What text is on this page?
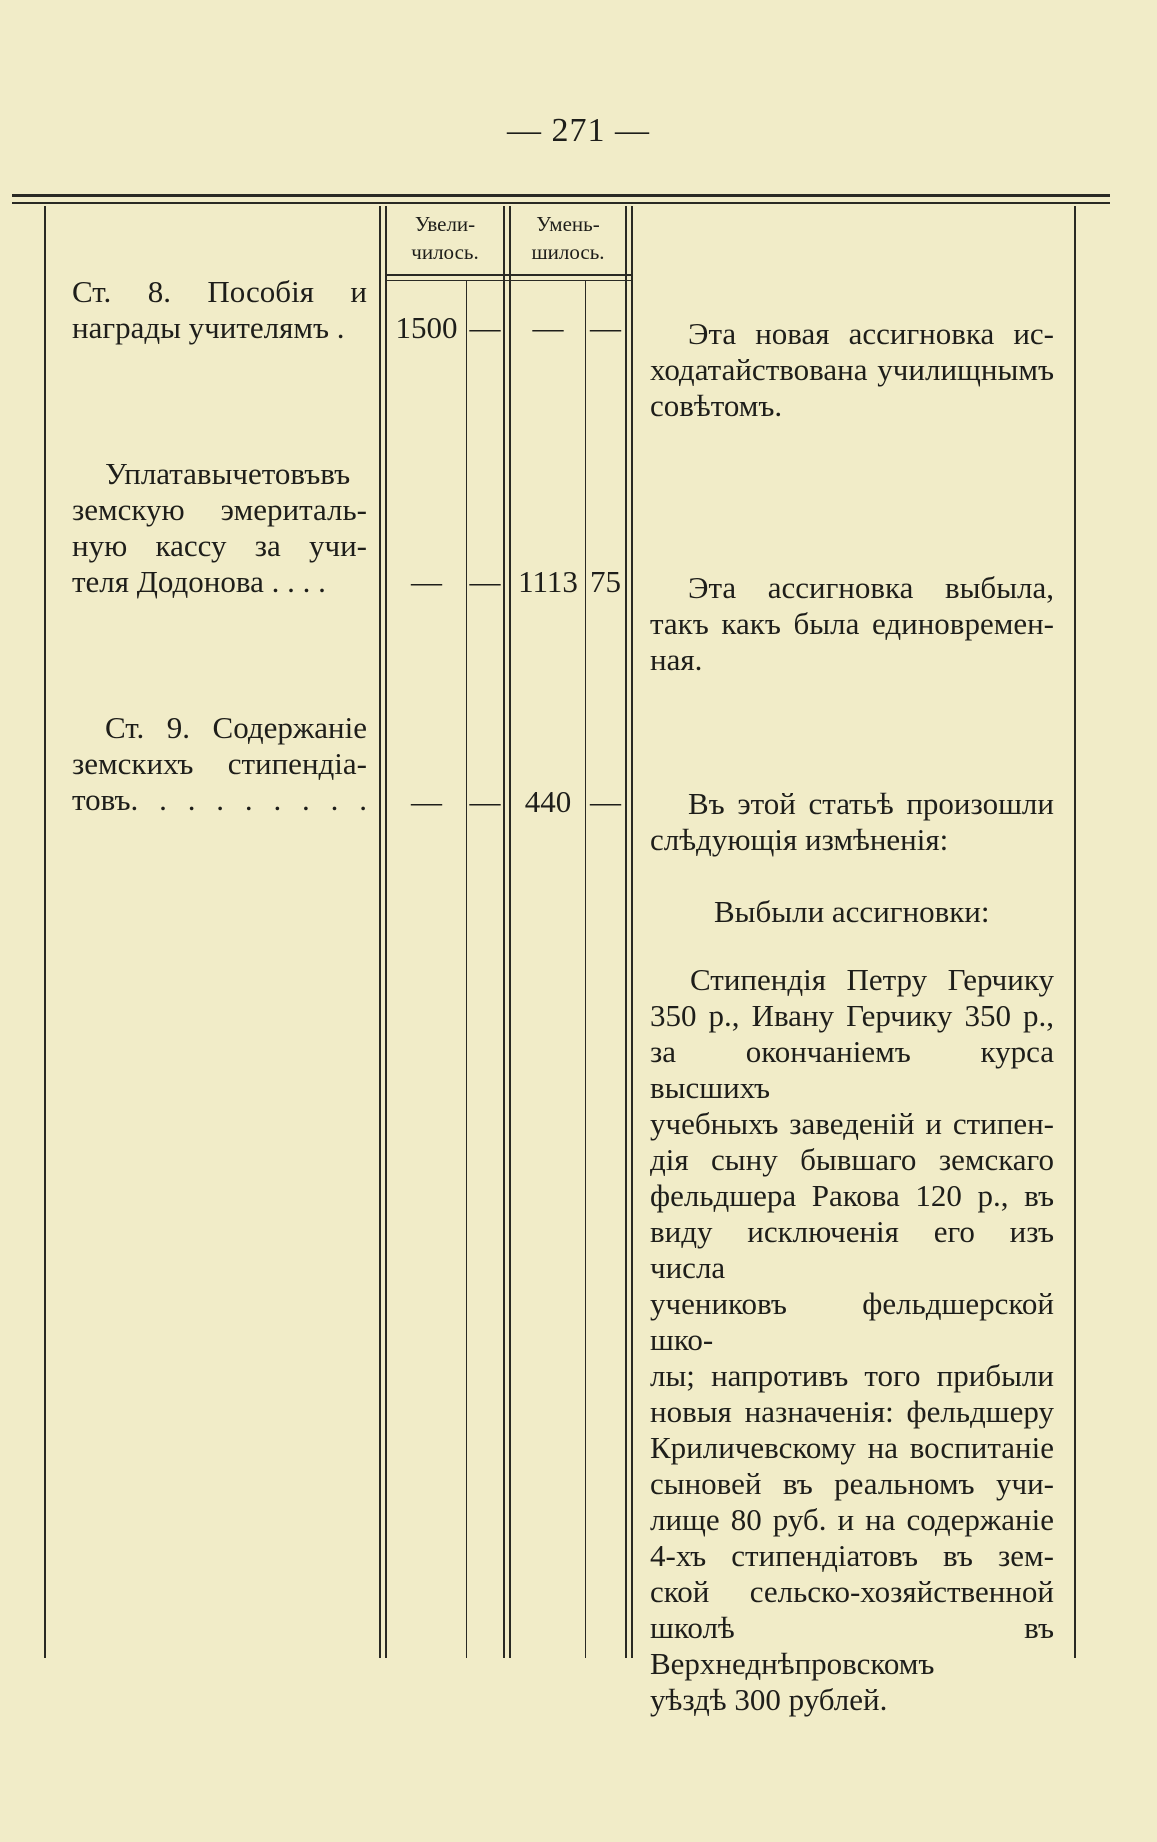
— 271 —
Увели-
чилось.
Умень-
шилось.
Ст. 8. Пособія и
награды учителямъ .	1500 —	— —	Эта новая ассигновка ис-
ходатайствована училищнымъ
совѣтомъ.
Уплатавычетовъвъ
земскую эмериталь-
ную кассу за учи-
теля Додонова . . . .	— — 1113 75	Эта ассигновка выбыла,
такъ какъ была единовремен-
ная.
Ст. 9. Содержаніе
земскихъ стипендіа-
товъ. . . . . . . . .	— — 440 —	Въ этой статьѣ произошли
слѣдующія измѣненія:
Выбыли ассигновки:
Стипендія Петру Герчику
350 р., Ивану Герчику 350 р.,
за окончаніемъ курса высшихъ
учебныхъ заведеній и стипен-
дія сыну бывшаго земскаго
фельдшера Ракова 120 р., въ
виду исключенія его изъ числа
учениковъ фельдшерской шко-
лы; напротивъ того прибыли
новыя назначенія: фельдшеру
Криличевскому на воспитаніе
сыновей въ реальномъ учи-
лище 80 руб. и на содержаніе
4-хъ стипендіатовъ въ зем-
ской сельско-хозяйственной
школѣ въ Верхнеднѣпровскомъ
уѣздѣ 300 рублей.
